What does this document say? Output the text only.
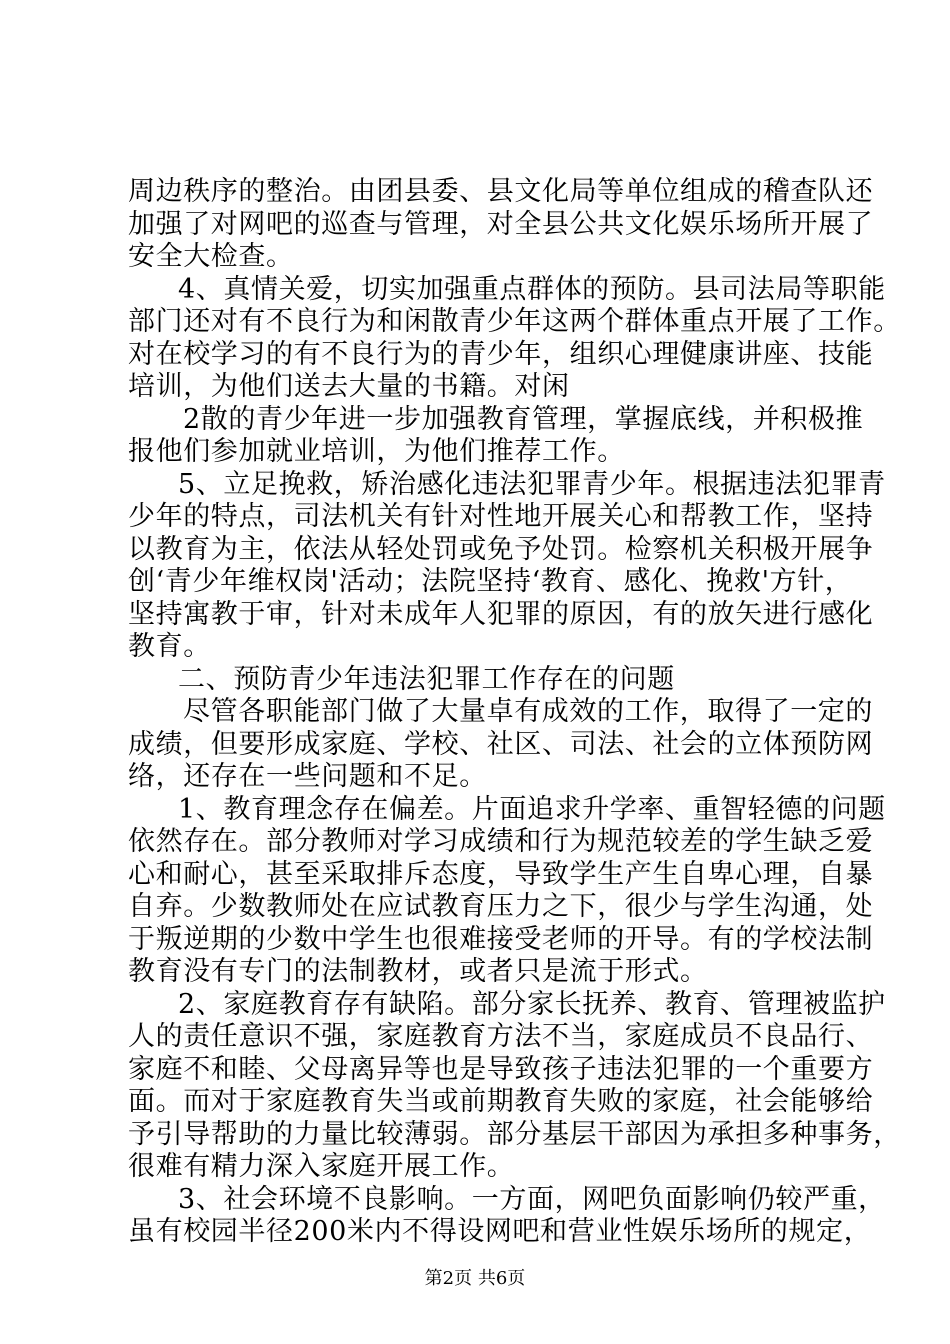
周边秩序的整治。由团县委、县文化局等单位组成的稽查队还
加强了对网吧的巡查与管理，对全县公共文化娱乐场所开展了
安全大检查。
4、真情关爱，切实加强重点群体的预防。县司法局等职能
部门还对有不良行为和闲散青少年这两个群体重点开展了工作。
对在校学习的有不良行为的青少年，组织心理健康讲座、技能
培训，为他们送去大量的书籍。对闲
2散的青少年进一步加强教育管理，掌握底线，并积极推
报他们参加就业培训，为他们推荐工作。
5、立足挽救，矫治感化违法犯罪青少年。根据违法犯罪青
少年的特点，司法机关有针对性地开展关心和帮教工作，坚持
以教育为主，依法从轻处罚或免予处罚。检察机关积极开展争
创‘青少年维权岗'活动；法院坚持‘教育、感化、挽救'方针，
坚持寓教于审，针对未成年人犯罪的原因，有的放矢进行感化
教育。
二、预防青少年违法犯罪工作存在的问题
尽管各职能部门做了大量卓有成效的工作，取得了一定的
成绩，但要形成家庭、学校、社区、司法、社会的立体预防网
络，还存在一些问题和不足。
1、教育理念存在偏差。片面追求升学率、重智轻德的问题
依然存在。部分教师对学习成绩和行为规范较差的学生缺乏爱
心和耐心，甚至采取排斥态度，导致学生产生自卑心理，自暴
自弃。少数教师处在应试教育压力之下，很少与学生沟通，处
于叛逆期的少数中学生也很难接受老师的开导。有的学校法制
教育没有专门的法制教材，或者只是流于形式。
2、家庭教育存有缺陷。部分家长抚养、教育、管理被监护
人的责任意识不强，家庭教育方法不当，家庭成员不良品行、
家庭不和睦、父母离异等也是导致孩子违法犯罪的一个重要方
面。而对于家庭教育失当或前期教育失败的家庭，社会能够给
予引导帮助的力量比较薄弱。部分基层干部因为承担多种事务，
很难有精力深入家庭开展工作。
3、社会环境不良影响。一方面，网吧负面影响仍较严重，
虽有校园半径200米内不得设网吧和营业性娱乐场所的规定，
第2页 共6页
